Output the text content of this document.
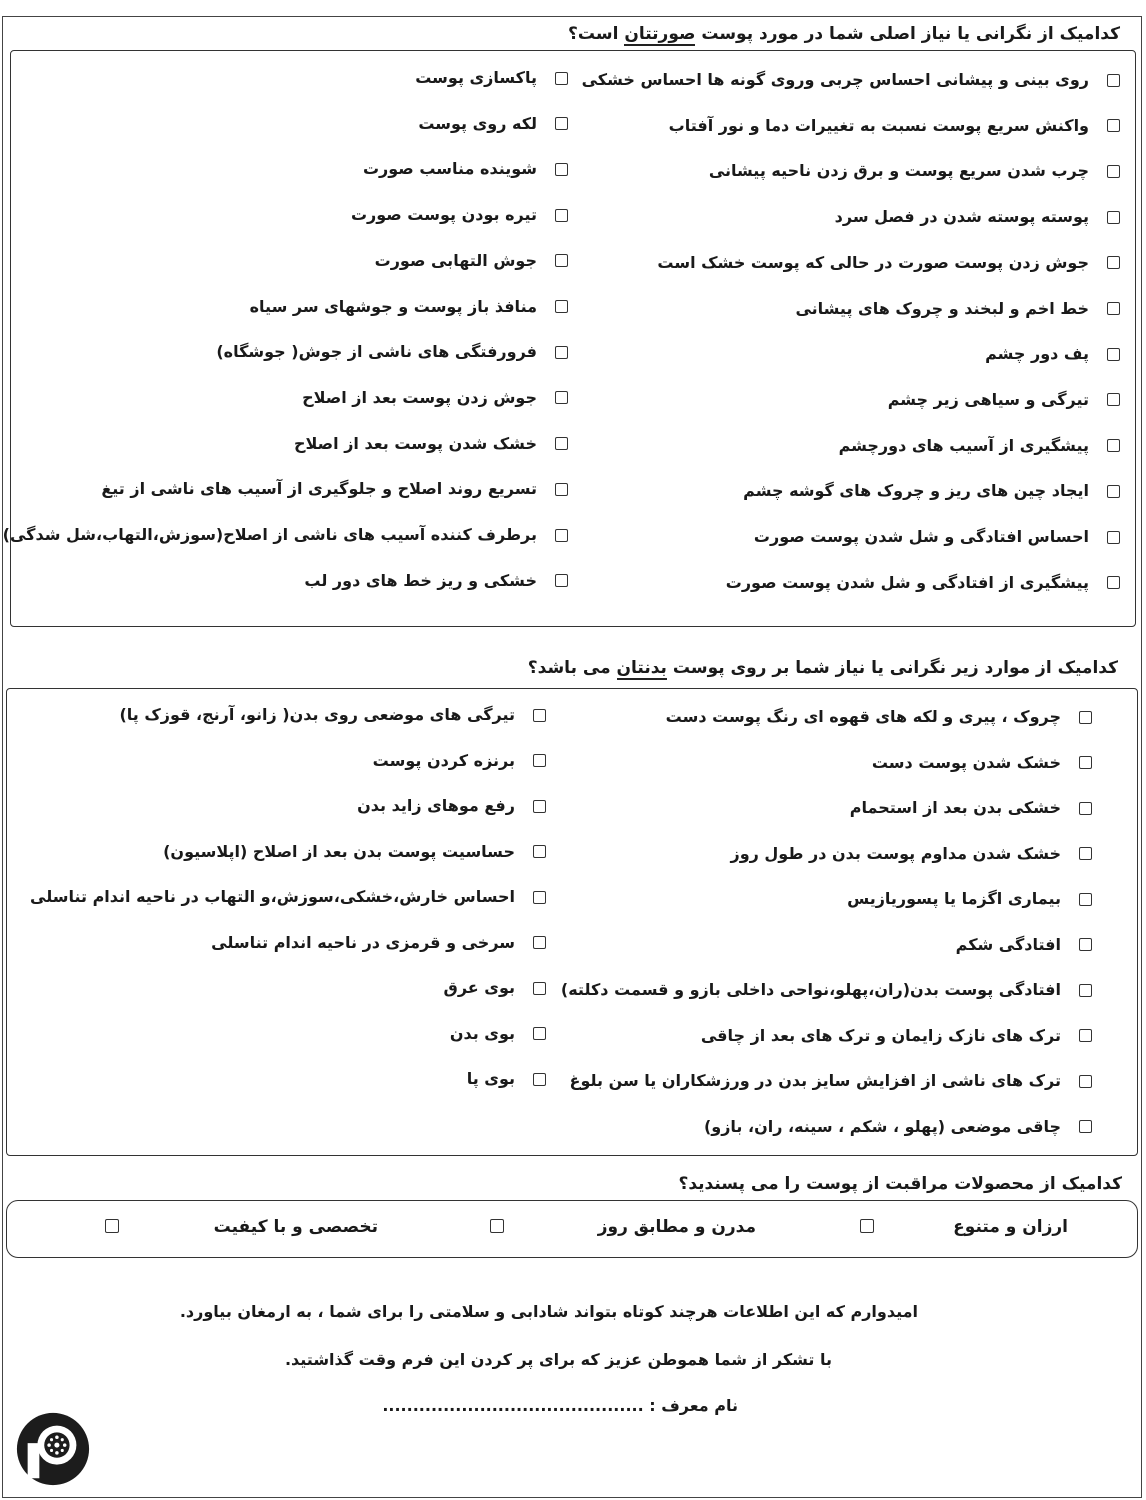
کدامیک از نگرانی یا نیاز اصلی شما در مورد پوست صورتتان است؟
روی بینی و پیشانی احساس چربی وروی گونه ها احساس خشکی
واکنش سریع پوست نسبت به تغییرات دما و نور آفتاب
چرب شدن سریع پوست و برق زدن ناحیه پیشانی
پوسته پوسته شدن در فصل سرد
جوش زدن پوست صورت در حالی که پوست خشک است
خط اخم و لبخند و چروک های پیشانی
پف دور چشم
تیرگی و سیاهی زیر چشم
پیشگیری از آسیب های دورچشم
ایجاد چین های ریز و چروک های گوشه چشم
احساس افتادگی و شل شدن پوست صورت
پیشگیری از افتادگی و شل شدن پوست صورت
پاکسازی پوست
لکه روی پوست
شوینده مناسب صورت
تیره بودن پوست صورت
جوش التهابی صورت
منافذ باز پوست و جوشهای سر سیاه
فرورفتگی های ناشی از جوش( جوشگاه)
جوش زدن پوست بعد از اصلاح
خشک شدن پوست بعد از اصلاح
تسریع روند اصلاح و جلوگیری از آسیب های ناشی از تیغ
برطرف کننده آسیب های ناشی از اصلاح(سوزش،التهاب،شل شدگی)
خشکی و ریز خط های دور لب
کدامیک از موارد زیر نگرانی یا نیاز شما بر روی پوست بدنتان می باشد؟
چروک ، پیری و لکه های قهوه ای رنگ پوست دست
خشک شدن پوست دست
خشکی بدن بعد از استحمام
خشک شدن مداوم پوست بدن در طول روز
بیماری اگزما یا پسوریازیس
افتادگی شکم
افتادگی پوست بدن(ران،پهلو،نواحی داخلی بازو و قسمت دکلته)
ترک های نازک زایمان و ترک های بعد از چاقی
ترک های ناشی از افزایش سایز بدن در ورزشکاران یا سن بلوغ
چاقی موضعی (پهلو ، شکم ، سینه، ران، بازو)
تیرگی های موضعی روی بدن( زانو، آرنج، قوزک پا)
برنزه کردن پوست
رفع موهای زاید بدن
حساسیت پوست بدن بعد از اصلاح (اپلاسیون)
احساس خارش،خشکی،سوزش،و التهاب در ناحیه اندام تناسلی
سرخی و قرمزی در ناحیه اندام تناسلی
بوی عرق
بوی بدن
بوی پا
کدامیک از محصولات مراقبت از پوست را می پسندید؟
ارزان و متنوع
مدرن و مطابق روز
تخصصی و با کیفیت
امیدوارم که این اطلاعات هرچند کوتاه بتواند شادابی و سلامتی را برای شما ، به ارمغان بیاورد.
با تشکر از شما هموطن عزیز که برای پر کردن این فرم وقت گذاشتید.
نام معرف : ...........................................
